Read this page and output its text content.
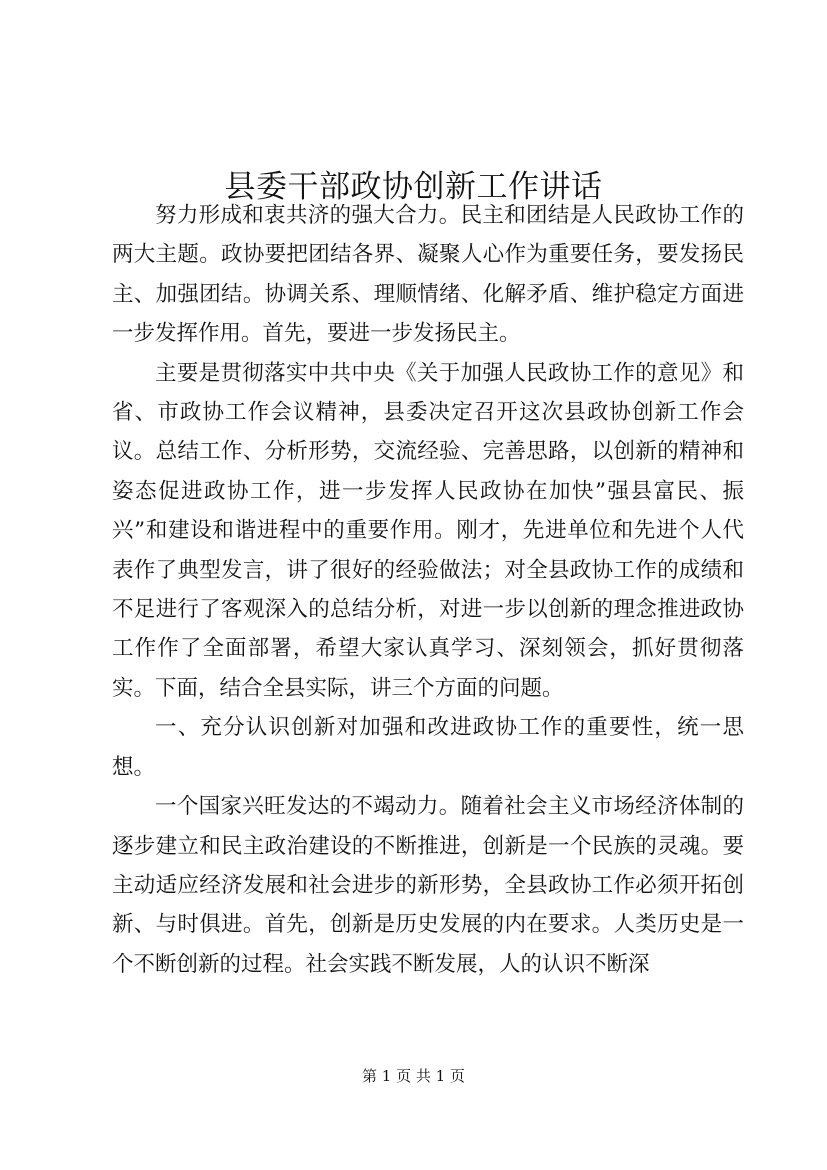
县委干部政协创新工作讲话

努力形成和衷共济的强大合力。民主和团结是人民政协工作的两大主题。政协要把团结各界、凝聚人心作为重要任务，要发扬民主、加强团结。协调关系、理顺情绪、化解矛盾、维护稳定方面进一步发挥作用。首先，要进一步发扬民主。

主要是贯彻落实中共中央《关于加强人民政协工作的意见》和省、市政协工作会议精神，县委决定召开这次县政协创新工作会议。总结工作、分析形势，交流经验、完善思路，以创新的精神和姿态促进政协工作，进一步发挥人民政协在加快”强县富民、振兴”和建设和谐进程中的重要作用。刚才，先进单位和先进个人代表作了典型发言，讲了很好的经验做法；对全县政协工作的成绩和不足进行了客观深入的总结分析，对进一步以创新的理念推进政协工作作了全面部署，希望大家认真学习、深刻领会，抓好贯彻落实。下面，结合全县实际，讲三个方面的问题。

一、充分认识创新对加强和改进政协工作的重要性，统一思想。

一个国家兴旺发达的不竭动力。随着社会主义市场经济体制的逐步建立和民主政治建设的不断推进，创新是一个民族的灵魂。要主动适应经济发展和社会进步的新形势，全县政协工作必须开拓创新、与时俱进。首先，创新是历史发展的内在要求。人类历史是一个不断创新的过程。社会实践不断发展，人的认识不断深

第 1 页 共 1 页
